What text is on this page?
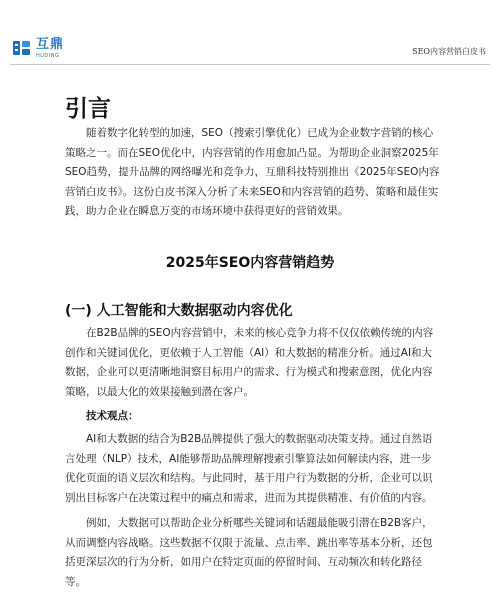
互鼎
HUDING	SEO内容营销白皮书
引言

随着数字化转型的加速，SEO（搜索引擎优化）已成为企业数字营销的核心策略之一。而在SEO优化中，内容营销的作用愈加凸显。为帮助企业洞察2025年SEO趋势，提升品牌的网络曝光和竞争力，互鼎科技特别推出《2025年SEO内容营销白皮书》。这份白皮书深入分析了未来SEO和内容营销的趋势、策略和最佳实践，助力企业在瞬息万变的市场环境中获得更好的营销效果。

2025年SEO内容营销趋势
(一) 人工智能和大数据驱动内容优化

在B2B品牌的SEO内容营销中，未来的核心竞争力将不仅仅依赖传统的内容创作和关键词优化，更依赖于人工智能（AI）和大数据的精准分析。通过AI和大数据，企业可以更清晰地洞察目标用户的需求、行为模式和搜索意图，优化内容策略，以最大化的效果接触到潜在客户。

技术观点：

AI和大数据的结合为B2B品牌提供了强大的数据驱动决策支持。通过自然语言处理（NLP）技术，AI能够帮助品牌理解搜索引擎算法如何解读内容，进一步优化页面的语义层次和结构。与此同时，基于用户行为数据的分析，企业可以识别出目标客户在决策过程中的痛点和需求，进而为其提供精准、有价值的内容。

例如，大数据可以帮助企业分析哪些关键词和话题最能吸引潜在B2B客户，从而调整内容战略。这些数据不仅限于流量、点击率、跳出率等基本分析，还包括更深层次的行为分析，如用户在特定页面的停留时间、互动频次和转化路径等。
